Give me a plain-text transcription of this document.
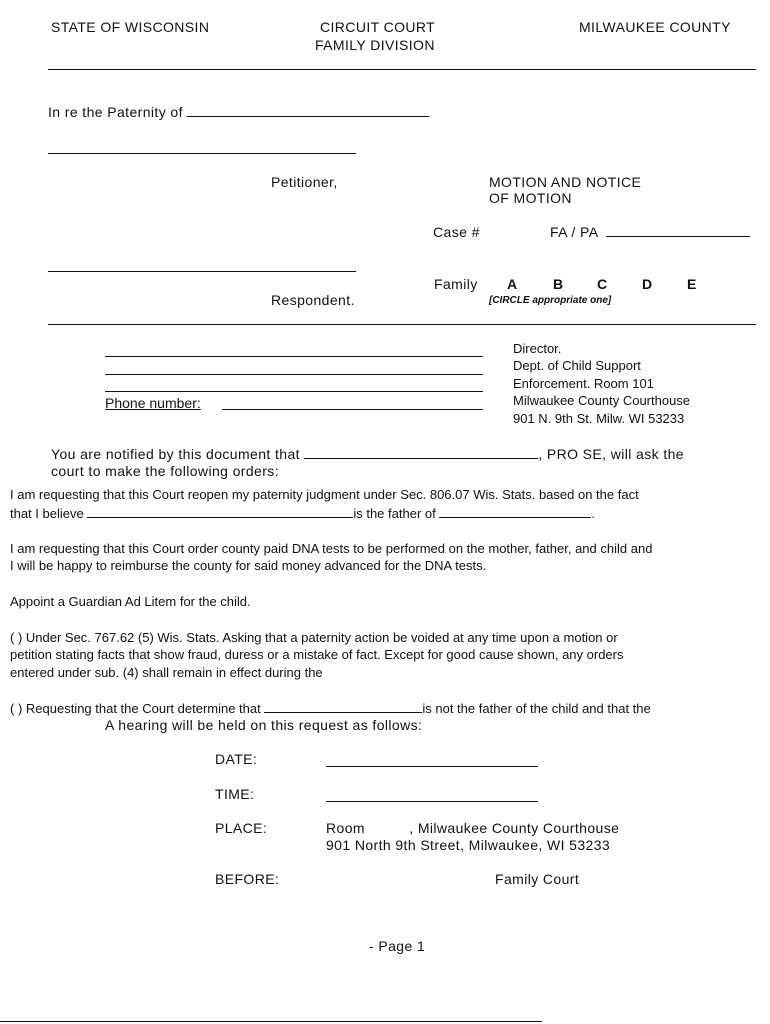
STATE OF WISCONSIN	CIRCUIT COURT
FAMILY DIVISION
MILWAUKEE COUNTY
In re the Paternity of
Petitioner,
Respondent.
MOTION AND NOTICE
OF MOTION
Case #	FA / PA
Family A	B C D E
[CIRCLE appropriate one]
Phone number:
Director.
Dept. of Child Support
Enforcement. Room 101
Milwaukee County Courthouse
901 N. 9th St. Milw. WI 53233
You are notified by this document that	, PRO SE, will ask the
court to make the following orders:
I am requesting that this Court reopen my paternity judgment under Sec. 806.07 Wis. Stats. based on the fact
that I believe	is the father of	.
I am requesting that this Court order county paid DNA tests to be performed on the mother, father, and child and
I will be happy to reimburse the county for said money advanced for the DNA tests.
Appoint a Guardian Ad Litem for the child.
( ) Under Sec. 767.62 (5) Wis. Stats. Asking that a paternity action be voided at any time upon a motion or
petition stating facts that show fraud, duress or a mistake of fact. Except for good cause shown, any orders
entered under sub. (4) shall remain in effect during the
( ) Requesting that the Court determine that	is not the father of the child and that the
A hearing will be held on this request as follows:
DATE:
TIME:
PLACE:	Room	, Milwaukee County Courthouse
901 North 9th Street, Milwaukee, WI 53233
BEFORE:	Family Court
- Page 1
